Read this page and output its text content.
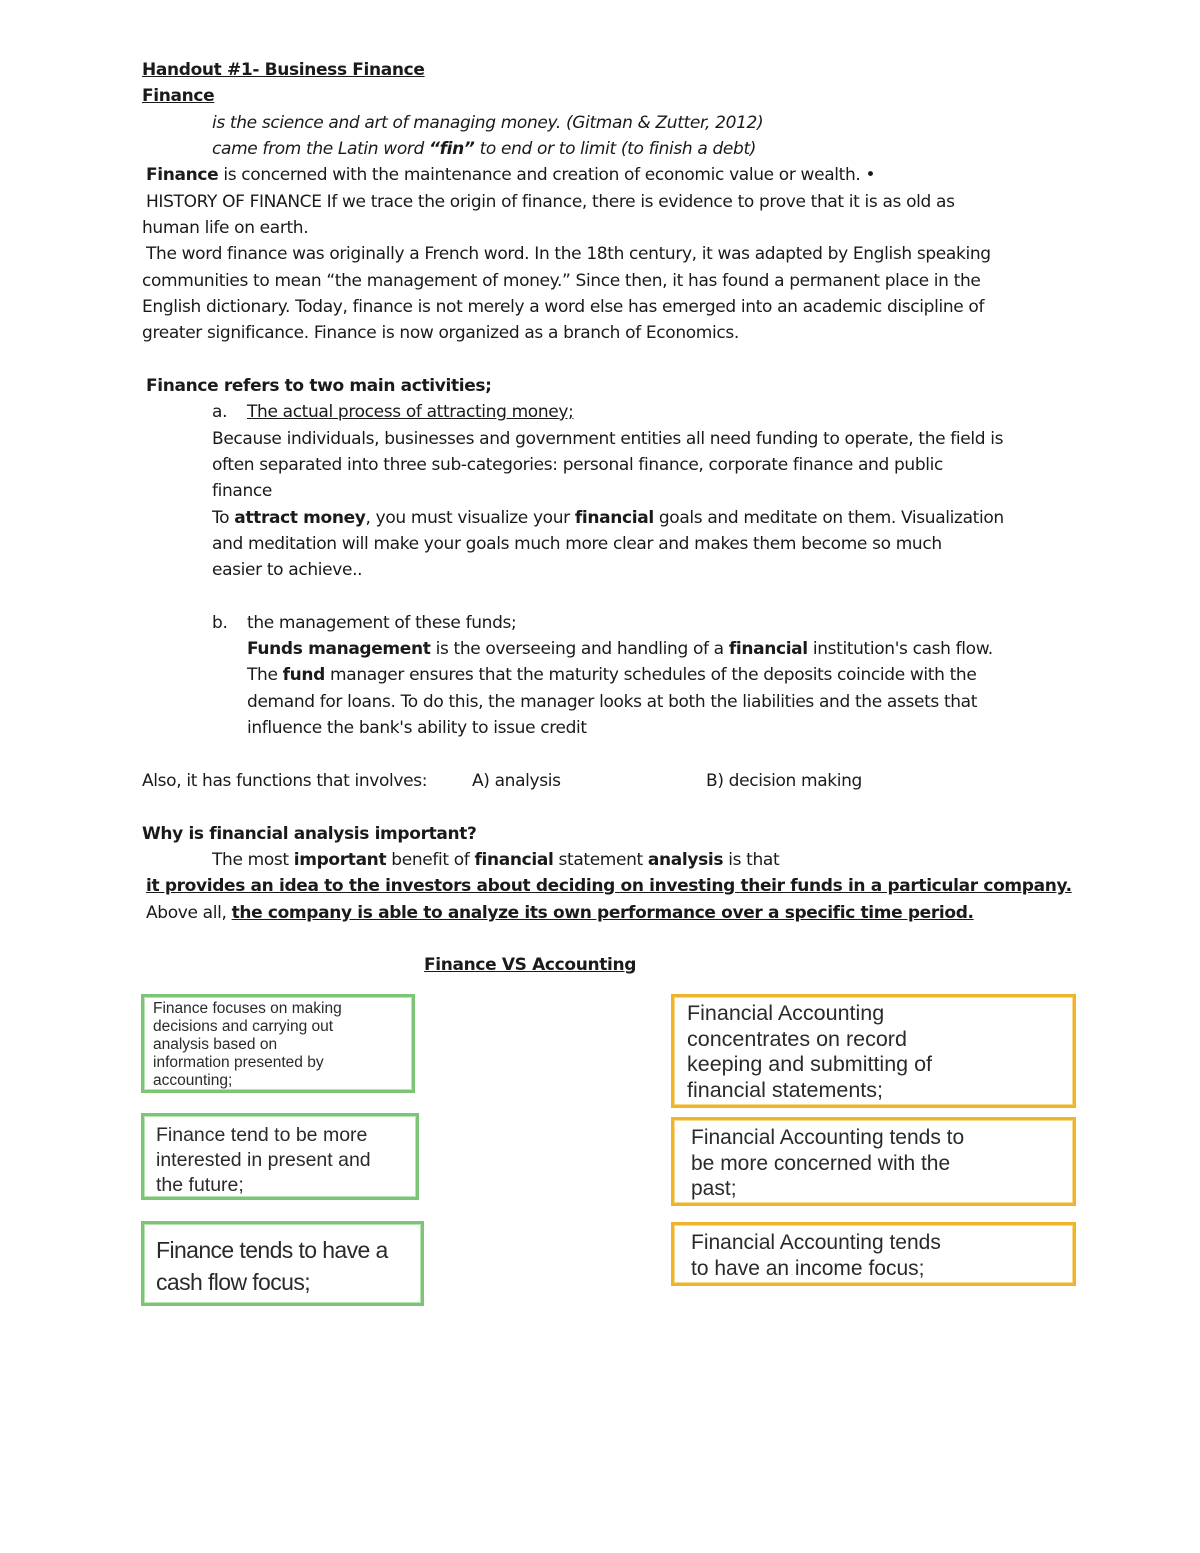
Handout #1- Business Finance
Finance
is the science and art of managing money. (Gitman & Zutter, 2012)
came from the Latin word “fin” to end or to limit (to finish a debt)
Finance is concerned with the maintenance and creation of economic value or wealth. •
HISTORY OF FINANCE If we trace the origin of finance, there is evidence to prove that it is as old as
human life on earth.
The word finance was originally a French word. In the 18th century, it was adapted by English speaking
communities to mean “the management of money.” Since then, it has found a permanent place in the
English dictionary. Today, finance is not merely a word else has emerged into an academic discipline of
greater significance. Finance is now organized as a branch of Economics.
Finance refers to two main activities;
a. The actual process of attracting money;
Because individuals, businesses and government entities all need funding to operate, the field is
often separated into three sub-categories: personal finance, corporate finance and public
finance
To attract money, you must visualize your financial goals and meditate on them. Visualization
and meditation will make your goals much more clear and makes them become so much
easier to achieve..
b. the management of these funds;
Funds management is the overseeing and handling of a financial institution's cash flow.
The fund manager ensures that the maturity schedules of the deposits coincide with the
demand for loans. To do this, the manager looks at both the liabilities and the assets that
influence the bank's ability to issue credit
Also, it has functions that involves:	A) analysis	B) decision making
Why is financial analysis important?
The most important benefit of financial statement analysis is that
it provides an idea to the investors about deciding on investing their funds in a particular company.
Above all, the company is able to analyze its own performance over a specific time period.
Finance VS Accounting
Finance focuses on making
decisions and carrying out
analysis based on
information presented by
accounting;
Finance tend to be more
interested in present and
the future;
Finance tends to have a
cash flow focus;
Financial Accounting
concentrates on record
keeping and submitting of
financial statements;
Financial Accounting tends to
be more concerned with the
past;
Financial Accounting tends
to have an income focus;
